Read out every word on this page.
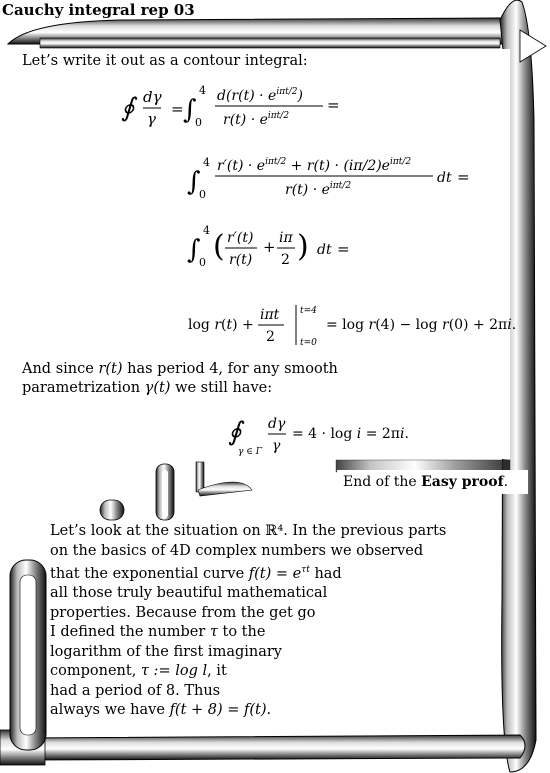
Cauchy integral rep 03
Let’s write it out as a contour integral:
∮ dγ
γ
= ∫
4
0
$d(r(t) \cdot e^{i\pi t/2})$
$r(t) \cdot e^{i\pi t/2}$
=
∫
4
0
$r'(t) \cdot e^{i\pi t/2} + r(t) \cdot (i\pi/2)e^{i\pi t/2}$
$r(t) \cdot e^{i\pi t/2}$	dt =
∫
4
0 ( r′(t)
r(t)
+ iπ
2 ) dt =
log r(t) +
iπt
2
t=4
t=0
= log r(4) − log r(0) + 2πi.
And since r(t) has period 4, for any smooth
parametrization γ(t) we still have:
∮
γ ∈ Γ
dγ
γ
= 4 · log i = 2πi.
End of the Easy proof.
Let’s look at the situation on ℝ⁴. In the previous parts
on the basics of 4D complex numbers we observed
that the exponential curve $f(t) = e^{\tau t}$ had
all those truly beautiful mathematical
properties. Because from the get go
I defined the number τ to the
logarithm of the first imaginary
component, τ := log l, it
had a period of 8. Thus
always we have f(t + 8) = f(t).
